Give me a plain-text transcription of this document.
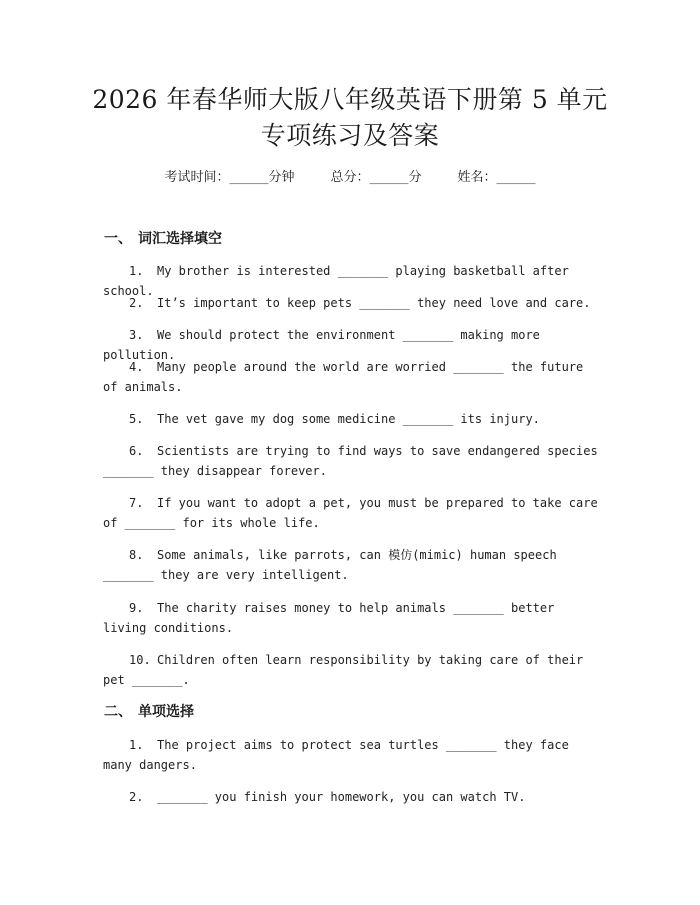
2026 年春华师大版八年级英语下册第 5 单元
专项练习及答案
考试时间：______分钟	总分：______分	姓名：______
一、 词汇选择填空
1. My brother is interested _______ playing basketball after school.
2. It’s important to keep pets _______ they need love and care.
3. We should protect the environment _______ making more pollution.
4. Many people around the world are worried _______ the future of animals.
5. The vet gave my dog some medicine _______ its injury.
6. Scientists are trying to find ways to save endangered species _______ they disappear forever.
7. If you want to adopt a pet, you must be prepared to take care of _______ for its whole life.
8. Some animals, like parrots, can 模仿(mimic) human speech _______ they are very intelligent.
9. The charity raises money to help animals _______ better living conditions.
10. Children often learn responsibility by taking care of their pet _______.
二、 单项选择
1. The project aims to protect sea turtles _______ they face many dangers.
2. _______ you finish your homework, you can watch TV.
